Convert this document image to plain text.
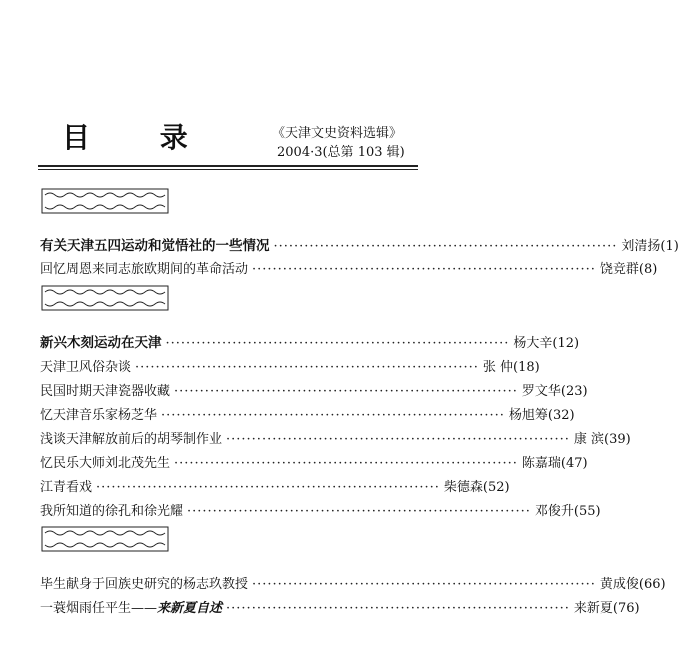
目 录	《天津文史资料选辑》
2004·3(总第 103 辑)
有关天津五四运动和觉悟社的一些情况 ··································································· 刘清扬(1)
回忆周恩来同志旅欧期间的革命活动 ··································································· 饶竞群(8)
新兴木刻运动在天津 ··································································· 杨大辛(12)
天津卫风俗杂谈 ··································································· 张 仲(18)
民国时期天津瓷器收藏 ··································································· 罗文华(23)
忆天津音乐家杨芝华 ··································································· 杨旭筹(32)
浅谈天津解放前后的胡琴制作业 ··································································· 康 滨(39)
忆民乐大师刘北茂先生 ··································································· 陈嘉瑞(47)
江青看戏 ··································································· 柴德森(52)
我所知道的徐孔和徐光耀 ··································································· 邓俊升(55)
毕生献身于回族史研究的杨志玖教授 ··································································· 黄成俊(66)
一蓑烟雨任平生——来新夏自述 ··································································· 来新夏(76)
